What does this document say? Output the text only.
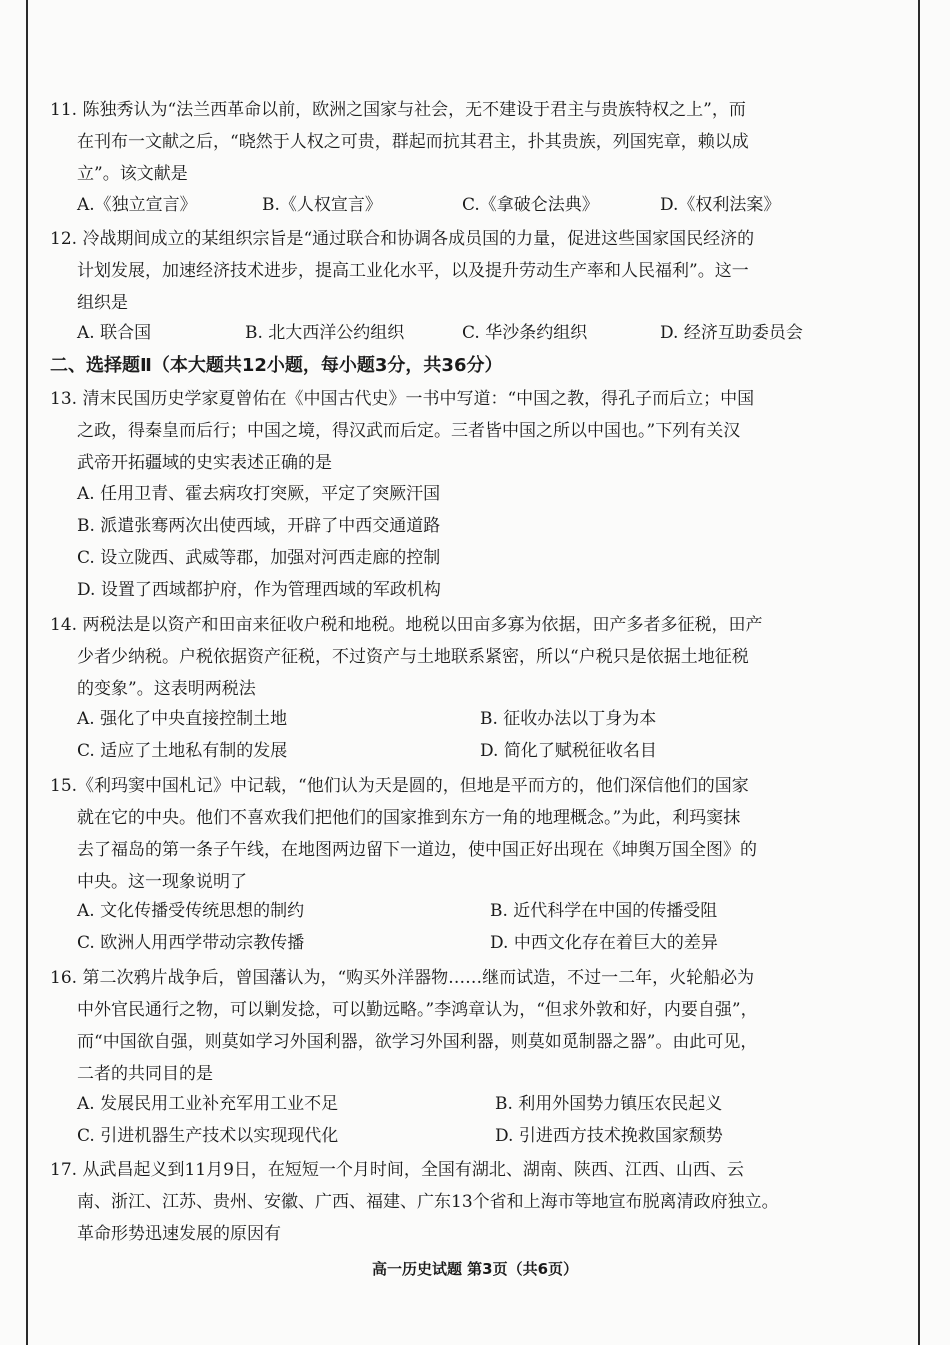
11. 陈独秀认为“法兰西革命以前，欧洲之国家与社会，无不建设于君主与贵族特权之上”，而
在刊布一文献之后，“晓然于人权之可贵，群起而抗其君主，扑其贵族，列国宪章，赖以成
立”。该文献是
A.《独立宣言》	B.《人权宣言》	C.《拿破仑法典》	D.《权利法案》
12. 冷战期间成立的某组织宗旨是“通过联合和协调各成员国的力量，促进这些国家国民经济的
计划发展，加速经济技术进步，提高工业化水平，以及提升劳动生产率和人民福利”。这一
组织是
A. 联合国	B. 北大西洋公约组织	C. 华沙条约组织	D. 经济互助委员会
二、选择题Ⅱ（本大题共12小题，每小题3分，共36分）
13. 清末民国历史学家夏曾佑在《中国古代史》一书中写道：“中国之教，得孔子而后立；中国
之政，得秦皇而后行；中国之境，得汉武而后定。三者皆中国之所以中国也。”下列有关汉
武帝开拓疆域的史实表述正确的是
A. 任用卫青、霍去病攻打突厥，平定了突厥汗国
B. 派遣张骞两次出使西域，开辟了中西交通道路
C. 设立陇西、武威等郡，加强对河西走廊的控制
D. 设置了西域都护府，作为管理西域的军政机构
14. 两税法是以资产和田亩来征收户税和地税。地税以田亩多寡为依据，田产多者多征税，田产
少者少纳税。户税依据资产征税，不过资产与土地联系紧密，所以“户税只是依据土地征税
的变象”。这表明两税法
A. 强化了中央直接控制土地	B. 征收办法以丁身为本
C. 适应了土地私有制的发展	D. 简化了赋税征收名目
15.《利玛窦中国札记》中记载，“他们认为天是圆的，但地是平而方的，他们深信他们的国家
就在它的中央。他们不喜欢我们把他们的国家推到东方一角的地理概念。”为此，利玛窦抹
去了福岛的第一条子午线，在地图两边留下一道边，使中国正好出现在《坤舆万国全图》的
中央。这一现象说明了
A. 文化传播受传统思想的制约	B. 近代科学在中国的传播受阻
C. 欧洲人用西学带动宗教传播	D. 中西文化存在着巨大的差异
16. 第二次鸦片战争后，曾国藩认为，“购买外洋器物……继而试造，不过一二年，火轮船必为
中外官民通行之物，可以剿发捻，可以勤远略。”李鸿章认为，“但求外敦和好，内要自强”，
而“中国欲自强，则莫如学习外国利器，欲学习外国利器，则莫如觅制器之器”。由此可见，
二者的共同目的是
A. 发展民用工业补充军用工业不足	B. 利用外国势力镇压农民起义
C. 引进机器生产技术以实现现代化	D. 引进西方技术挽救国家颓势
17. 从武昌起义到11月9日，在短短一个月时间，全国有湖北、湖南、陕西、江西、山西、云
南、浙江、江苏、贵州、安徽、广西、福建、广东13个省和上海市等地宣布脱离清政府独立。
革命形势迅速发展的原因有
高一历史试题 第3页（共6页）
